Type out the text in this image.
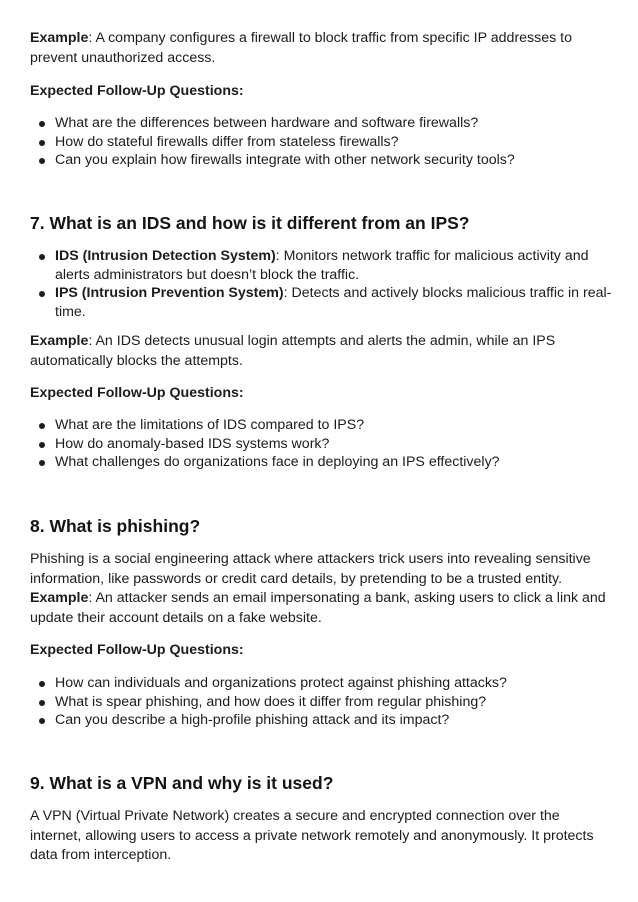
Example: A company configures a firewall to block traffic from specific IP addresses to prevent unauthorized access.

Expected Follow-Up Questions:

What are the differences between hardware and software firewalls?
How do stateful firewalls differ from stateless firewalls?
Can you explain how firewalls integrate with other network security tools?
7. What is an IDS and how is it different from an IPS?
IDS (Intrusion Detection System): Monitors network traffic for malicious activity and alerts administrators but doesn’t block the traffic.
IPS (Intrusion Prevention System): Detects and actively blocks malicious traffic in real-time.

Example: An IDS detects unusual login attempts and alerts the admin, while an IPS automatically blocks the attempts.

Expected Follow-Up Questions:

What are the limitations of IDS compared to IPS?
How do anomaly-based IDS systems work?
What challenges do organizations face in deploying an IPS effectively?
8. What is phishing?

Phishing is a social engineering attack where attackers trick users into revealing sensitive information, like passwords or credit card details, by pretending to be a trusted entity.

Example: An attacker sends an email impersonating a bank, asking users to click a link and update their account details on a fake website.

Expected Follow-Up Questions:

How can individuals and organizations protect against phishing attacks?
What is spear phishing, and how does it differ from regular phishing?
Can you describe a high-profile phishing attack and its impact?
9. What is a VPN and why is it used?

A VPN (Virtual Private Network) creates a secure and encrypted connection over the internet, allowing users to access a private network remotely and anonymously. It protects data from interception.
